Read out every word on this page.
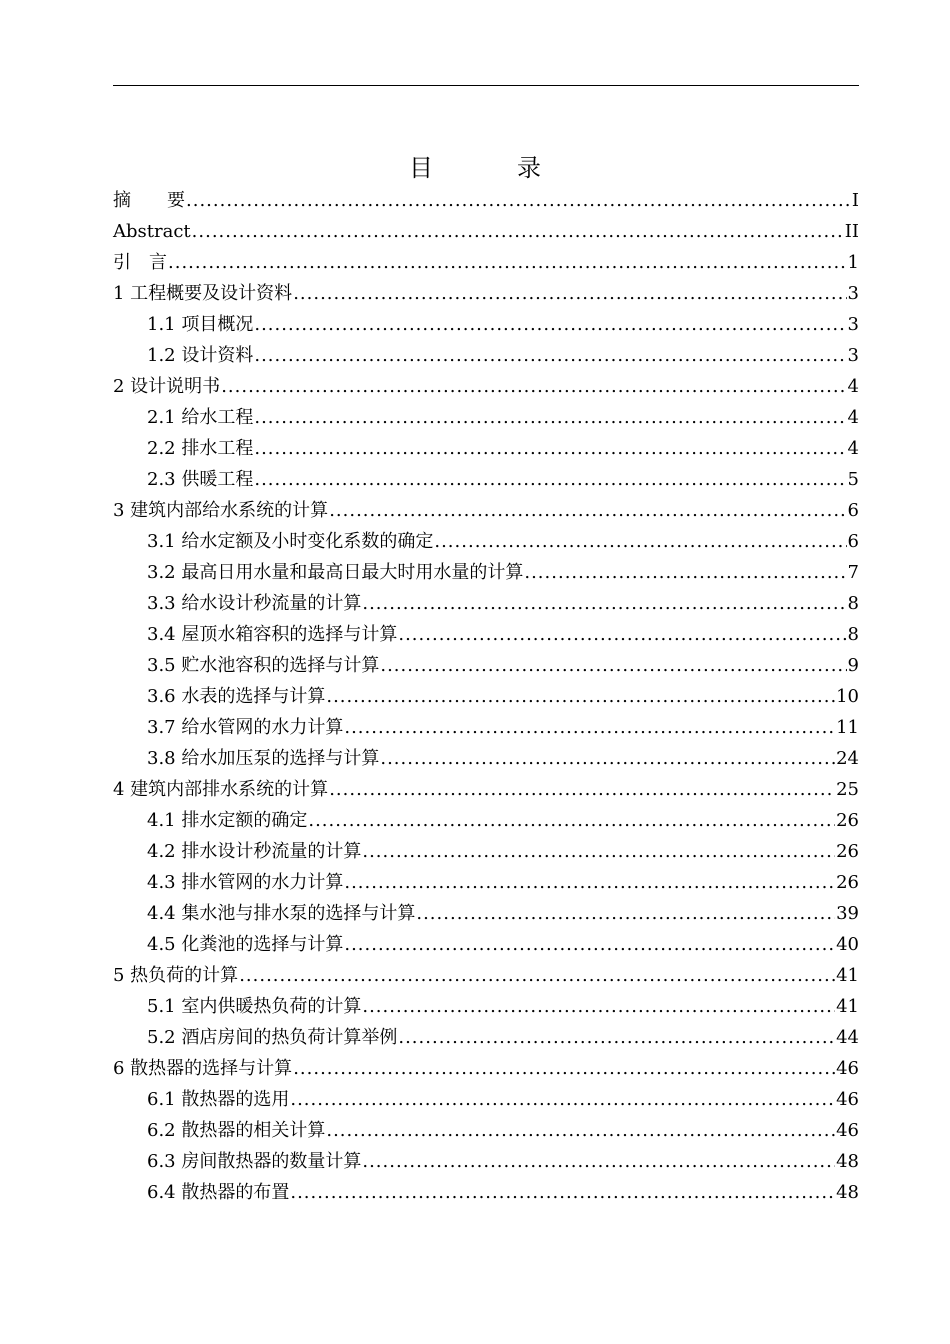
目　录
摘　　要 .....	I
Abstract .....	II
引　言 .....	1
1 工程概要及设计资料 .....	3
1.1 项目概况 .....	3
1.2 设计资料 .....	3
2 设计说明书 .....	4
2.1 给水工程 .....	4
2.2 排水工程 .....	4
2.3 供暖工程 .....	5
3 建筑内部给水系统的计算 .....	6
3.1 给水定额及小时变化系数的确定 .....	6
3.2 最高日用水量和最高日最大时用水量的计算 .....	7
3.3 给水设计秒流量的计算 .....	8
3.4 屋顶水箱容积的选择与计算 .....	8
3.5 贮水池容积的选择与计算 .....	9
3.6 水表的选择与计算 .....	10
3.7 给水管网的水力计算 .....	11
3.8 给水加压泵的选择与计算 .....	24
4 建筑内部排水系统的计算 .....	25
4.1 排水定额的确定 .....	26
4.2 排水设计秒流量的计算 .....	26
4.3 排水管网的水力计算 .....	26
4.4 集水池与排水泵的选择与计算 .....	39
4.5 化粪池的选择与计算 .....	40
5 热负荷的计算 .....	41
5.1 室内供暖热负荷的计算 .....	41
5.2 酒店房间的热负荷计算举例 .....	44
6 散热器的选择与计算 .....	46
6.1 散热器的选用 .....	46
6.2 散热器的相关计算 .....	46
6.3 房间散热器的数量计算 .....	48
6.4 散热器的布置 .....	48
